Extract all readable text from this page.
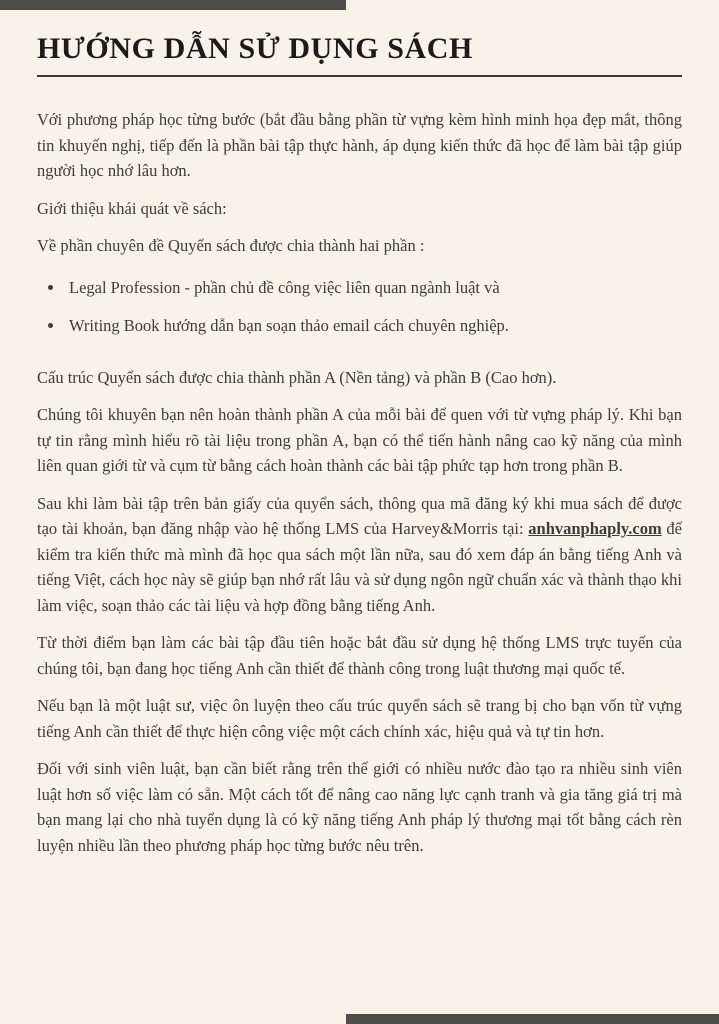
HƯỚNG DẪN SỬ DỤNG SÁCH

Với phương pháp học từng bước (bắt đầu bằng phần từ vựng kèm hình minh họa đẹp mắt, thông tin khuyến nghị, tiếp đến là phần bài tập thực hành, áp dụng kiến thức đã học để làm bài tập giúp người học nhớ lâu hơn.

Giới thiệu khái quát về sách:

Về phần chuyên đề Quyển sách được chia thành hai phần :

• Legal Profession - phần chủ đề công việc liên quan ngành luật và
• Writing Book hướng dẫn bạn soạn thảo email cách chuyên nghiệp.

Cấu trúc Quyển sách được chia thành phần A (Nền tảng) và phần B (Cao hơn).

Chúng tôi khuyên bạn nên hoàn thành phần A của mỗi bài để quen với từ vựng pháp lý. Khi bạn tự tin rằng mình hiểu rõ tài liệu trong phần A, bạn có thể tiến hành nâng cao kỹ năng của mình liên quan giới từ và cụm từ bằng cách hoàn thành các bài tập phức tạp hơn trong phần B.

Sau khi làm bài tập trên bản giấy của quyển sách, thông qua mã đăng ký khi mua sách để được tạo tài khoản, bạn đăng nhập vào hệ thống LMS của Harvey&Morris tại: anhvanphaply.com để kiểm tra kiến thức mà mình đã học qua sách một lần nữa, sau đó xem đáp án bằng tiếng Anh và tiếng Việt, cách học này sẽ giúp bạn nhớ rất lâu và sử dụng ngôn ngữ chuẩn xác và thành thạo khi làm việc, soạn thảo các tài liệu và hợp đồng bằng tiếng Anh.

Từ thời điểm bạn làm các bài tập đầu tiên hoặc bắt đầu sử dụng hệ thống LMS trực tuyến của chúng tôi, bạn đang học tiếng Anh cần thiết để thành công trong luật thương mại quốc tế.

Nếu bạn là một luật sư, việc ôn luyện theo cấu trúc quyển sách sẽ trang bị cho bạn vốn từ vựng tiếng Anh cần thiết để thực hiện công việc một cách chính xác, hiệu quả và tự tin hơn.

Đối với sinh viên luật, bạn cần biết rằng trên thế giới có nhiều nước đào tạo ra nhiều sinh viên luật hơn số việc làm có sẵn. Một cách tốt để nâng cao năng lực cạnh tranh và gia tăng giá trị mà bạn mang lại cho nhà tuyển dụng là có kỹ năng tiếng Anh pháp lý thương mại tốt bằng cách rèn luyện nhiều lần theo phương pháp học từng bước nêu trên.
